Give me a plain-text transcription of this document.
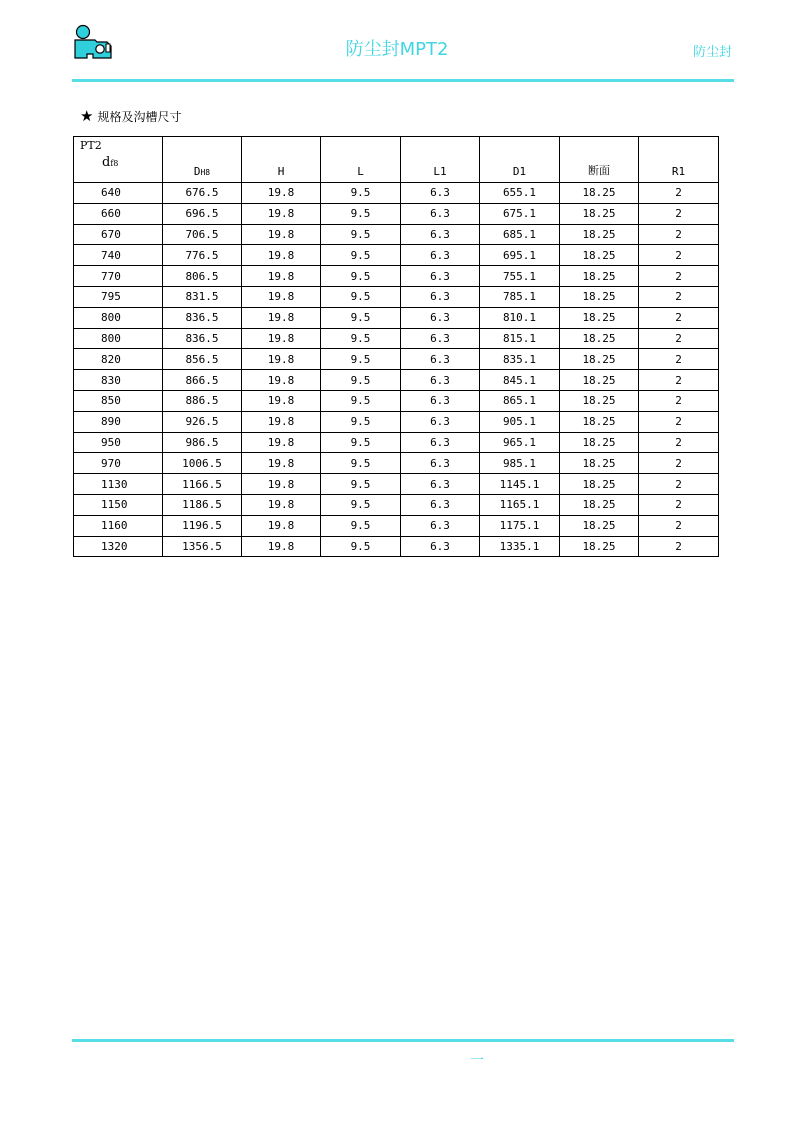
防尘封MPT2	防尘封
★ 规格及沟槽尺寸
PT2
df8	DH8	H	L	L1	D1	断面	R1
640	676.5	19.8	9.5	6.3	655.1	18.25	2
660	696.5	19.8	9.5	6.3	675.1	18.25	2
670	706.5	19.8	9.5	6.3	685.1	18.25	2
740	776.5	19.8	9.5	6.3	695.1	18.25	2
770	806.5	19.8	9.5	6.3	755.1	18.25	2
795	831.5	19.8	9.5	6.3	785.1	18.25	2
800	836.5	19.8	9.5	6.3	810.1	18.25	2
800	836.5	19.8	9.5	6.3	815.1	18.25	2
820	856.5	19.8	9.5	6.3	835.1	18.25	2
830	866.5	19.8	9.5	6.3	845.1	18.25	2
850	886.5	19.8	9.5	6.3	865.1	18.25	2
890	926.5	19.8	9.5	6.3	905.1	18.25	2
950	986.5	19.8	9.5	6.3	965.1	18.25	2
970	1006.5	19.8	9.5	6.3	985.1	18.25	2
1130	1166.5	19.8	9.5	6.3	1145.1	18.25	2
1150	1186.5	19.8	9.5	6.3	1165.1	18.25	2
1160	1196.5	19.8	9.5	6.3	1175.1	18.25	2
1320	1356.5	19.8	9.5	6.3	1335.1	18.25	2
一
